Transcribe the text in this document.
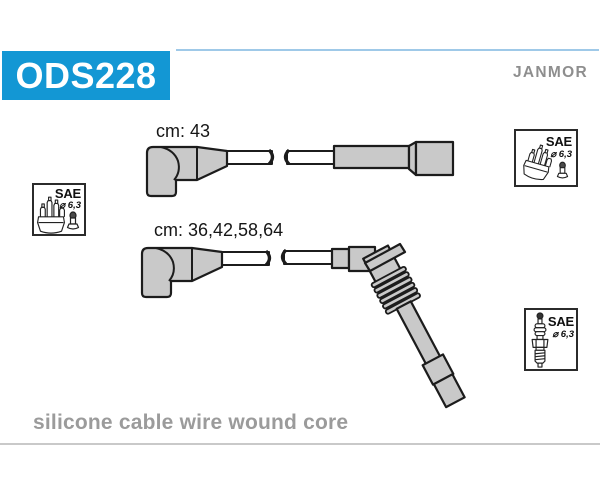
ODS228	JANMOR
cm: 43
cm: 36,42,58,64
SAE
⌀ 6,3
SAE
⌀ 6,3
SAE
⌀ 6,3
silicone cable wire wound core
